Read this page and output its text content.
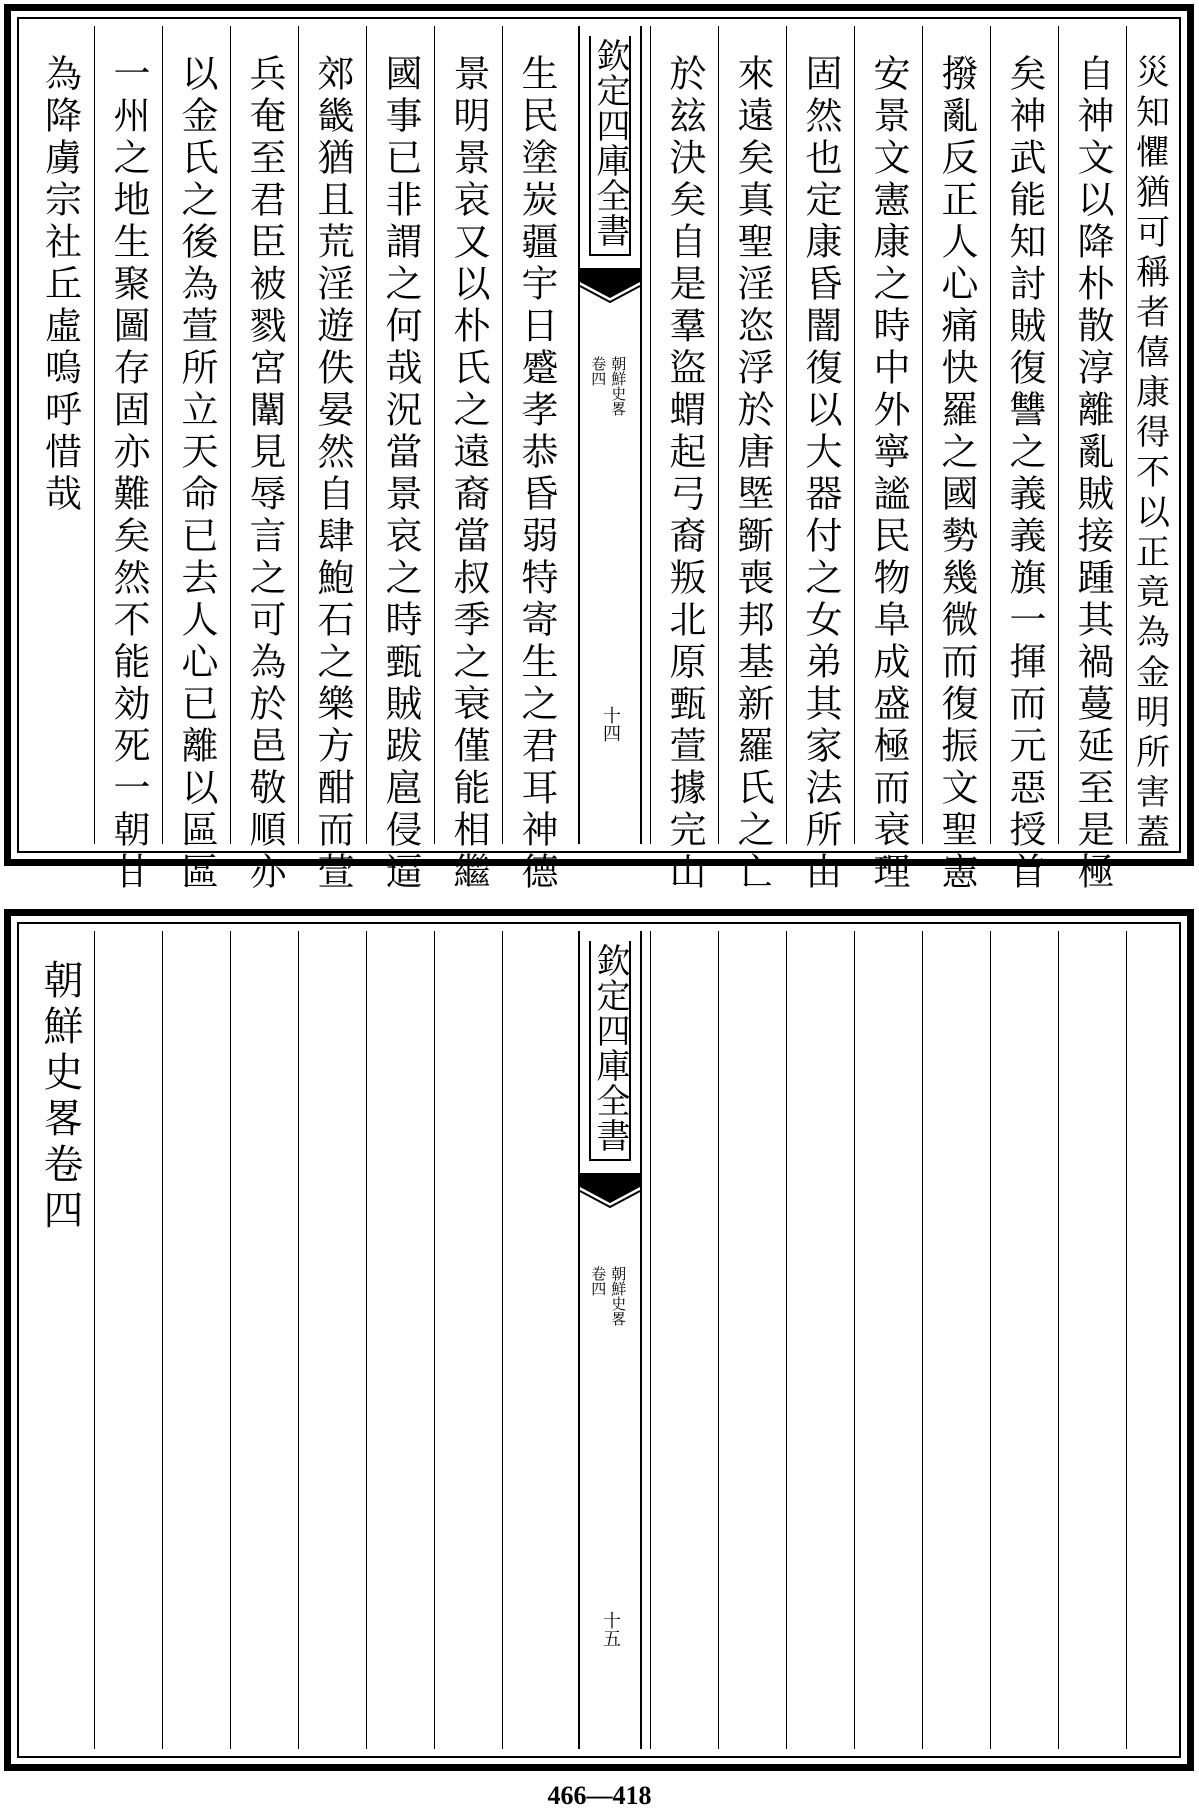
為降虜宗社丘虛嗚呼惜哉 一州之地生聚圖存固亦難矣然不能効死一朝甘 以金氏之後為萱所立天命已去人心已離以區區 兵奄至君臣被戮宮闈見辱言之可為於邑敬順亦 郊畿猶且荒淫遊佚晏然自肆鮑石之樂方酣而萱 國事已非謂之何哉況當景哀之時甄賊跋扈侵逼 景明景哀又以朴氏之遠裔當叔季之衰僅能相繼 生民塗炭疆宇日蹙孝恭昏弱特寄生之君耳神德 欽定四庫全書
朝鮮史畧
卷四
十四 於玆決矣自是羣盜蝟起弓裔叛北原甄萱據完山 來遠矣真聖淫恣浮於唐塈斵喪邦基新羅氏之亡 固然也定康昏闇復以大器付之女弟其家法所由 安景文憲康之時中外寧謐民物阜成盛極而衰理 撥亂反正人心痛快羅之國勢幾微而復振文聖憲 矣神武能知討賊復讐之義義旗一揮而元惡授首 自神文以降朴散淳離亂賊接踵其禍蔓延至是極 災知懼猶可稱者僖康得不以正竟為金明所害蓋
朝鮮史畧卷四	欽定四庫全書
朝鮮史畧
卷四
十五
466—418
